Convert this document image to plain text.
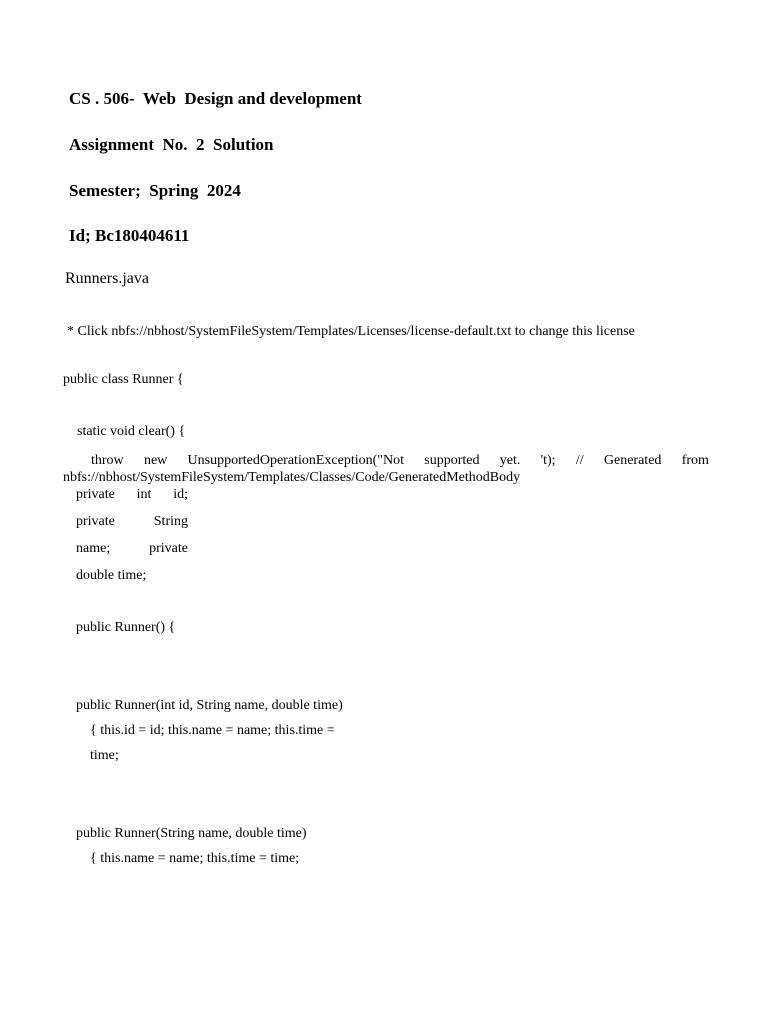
CS . 506-  Web  Design and development
Assignment  No.  2  Solution
Semester;  Spring  2024
Id; Bc180404611
Runners.java
* Click nbfs://nbhost/SystemFileSystem/Templates/Licenses/license-default.txt to change this license
public class Runner {
static void clear() {
throw new UnsupportedOperationException("Not supported yet. 't); // Generated from
nbfs://nbhost/SystemFileSystem/Templates/Classes/Code/GeneratedMethodBody
private int id;
private	String
name;	private
double time;
public Runner() {
public Runner(int id, String name, double time)
{ this.id = id; this.name = name; this.time =
time;
public Runner(String name, double time)
{ this.name = name; this.time = time;
